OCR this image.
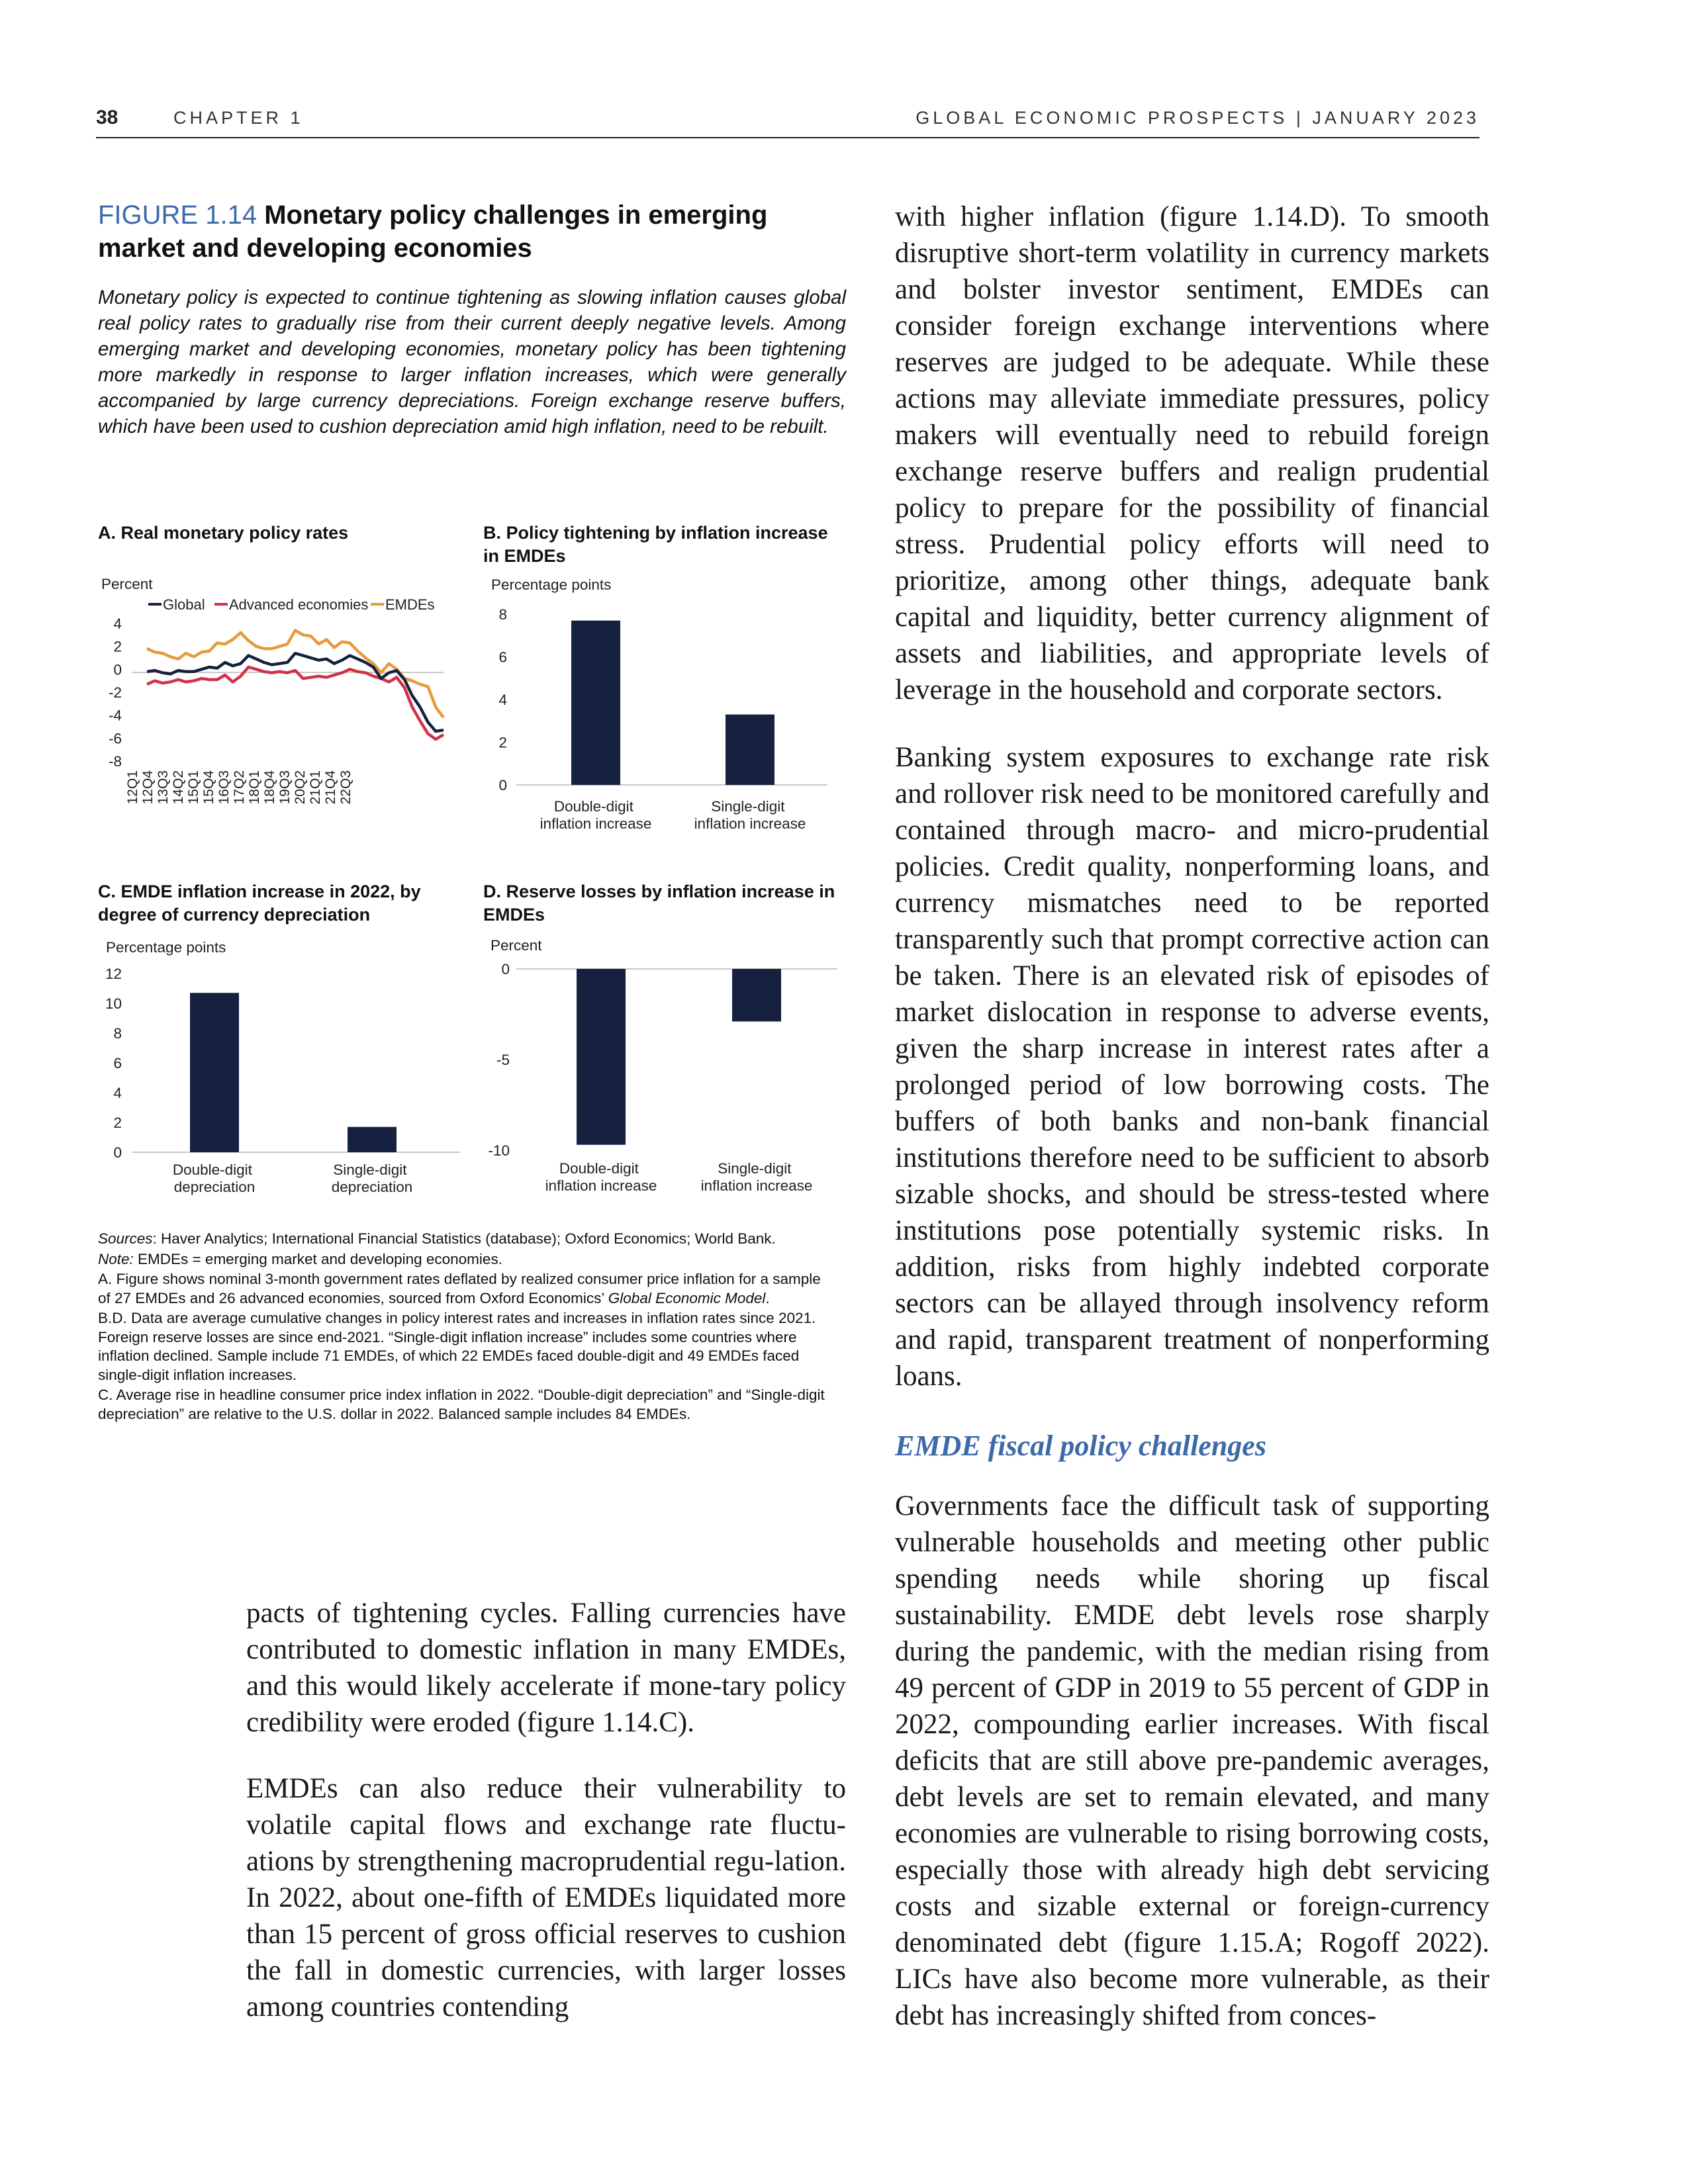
38	CHAPTER 1	GLOBAL ECONOMIC PROSPECTS | JANUARY 2023
FIGURE 1.14 Monetary policy challenges in emerging market and developing economies
Monetary policy is expected to continue tightening as slowing inflation causes global real policy rates to gradually rise from their current deeply negative levels. Among emerging market and developing economies, monetary policy has been tightening more markedly in response to larger inflation increases, which were generally accompanied by large currency depreciations. Foreign exchange reserve buffers, which have been used to cushion depreciation amid high inflation, need to be rebuilt.
A. Real monetary policy rates
Percent
Global Advanced economies EMDEs
4
2
0
-2
-4
-6
-8
12Q1 12Q4 13Q3 14Q2 15Q1 15Q4 16Q3 17Q2 18Q1 18Q4 19Q3 20Q2 21Q1 21Q4 22Q3
B. Policy tightening by inflation increase in EMDEs
Percentage points
8
6
4
2
0
Double-digit inflation increase
Single-digit inflation increase
C. EMDE inflation increase in 2022, by degree of currency depreciation
Percentage points
12
10
8
6
4
2
0
Double-digit depreciation
Single-digit depreciation
D. Reserve losses by inflation increase in EMDEs
Percent
0
-5
-10
Double-digit inflation increase
Single-digit inflation increase

Sources: Haver Analytics; International Financial Statistics (database); Oxford Economics; World Bank.

Note: EMDEs = emerging market and developing economies.

A. Figure shows nominal 3-month government rates deflated by realized consumer price inflation for a sample of 27 EMDEs and 26 advanced economies, sourced from Oxford Economics’ Global Economic Model.

B.D. Data are average cumulative changes in policy interest rates and increases in inflation rates since 2021. Foreign reserve losses are since end-2021. “Single-digit inflation increase” includes some countries where inflation declined. Sample include 71 EMDEs, of which 22 EMDEs faced double-digit and 49 EMDEs faced single-digit inflation increases.

C. Average rise in headline consumer price index inflation in 2022. “Double-digit depreciation” and “Single-digit depreciation” are relative to the U.S. dollar in 2022. Balanced sample includes 84 EMDEs.

with higher inflation (figure 1.14.D). To smooth disruptive short-term volatility in currency markets and bolster investor sentiment, EMDEs can consider foreign exchange interventions where reserves are judged to be adequate. While these actions may alleviate immediate pressures, policy makers will eventually need to rebuild foreign exchange reserve buffers and realign prudential policy to prepare for the possibility of financial stress. Prudential policy efforts will need to prioritize, among other things, adequate bank capital and liquidity, better currency alignment of assets and liabilities, and appropriate levels of leverage in the household and corporate sectors.

Banking system exposures to exchange rate risk and rollover risk need to be monitored carefully and contained through macro- and micro-prudential policies. Credit quality, nonperforming loans, and currency mismatches need to be reported transparently such that prompt corrective action can be taken. There is an elevated risk of episodes of market dislocation in response to adverse events, given the sharp increase in interest rates after a prolonged period of low borrowing costs. The buffers of both banks and non-bank financial institutions therefore need to be sufficient to absorb sizable shocks, and should be stress-tested where institutions pose potentially systemic risks. In addition, risks from highly indebted corporate sectors can be allayed through insolvency reform and rapid, transparent treatment of nonperforming loans.

EMDE fiscal policy challenges

Governments face the difficult task of supporting vulnerable households and meeting other public spending needs while shoring up fiscal sustainability. EMDE debt levels rose sharply during the pandemic, with the median rising from 49 percent of GDP in 2019 to 55 percent of GDP in 2022, compounding earlier increases. With fiscal deficits that are still above pre-pandemic averages, debt levels are set to remain elevated, and many economies are vulnerable to rising borrowing costs, especially those with already high debt servicing costs and sizable external or foreign-currency denominated debt (figure 1.15.A; Rogoff 2022). LICs have also become more vulnerable, as their debt has increasingly shifted from conces-

pacts of tightening cycles. Falling currencies have contributed to domestic inflation in many EMDEs, and this would likely accelerate if mone-tary policy credibility were eroded (figure 1.14.C).

EMDEs can also reduce their vulnerability to volatile capital flows and exchange rate fluctu-ations by strengthening macroprudential regu-lation. In 2022, about one-fifth of EMDEs liquidated more than 15 percent of gross official reserves to cushion the fall in domestic currencies, with larger losses among countries contending
